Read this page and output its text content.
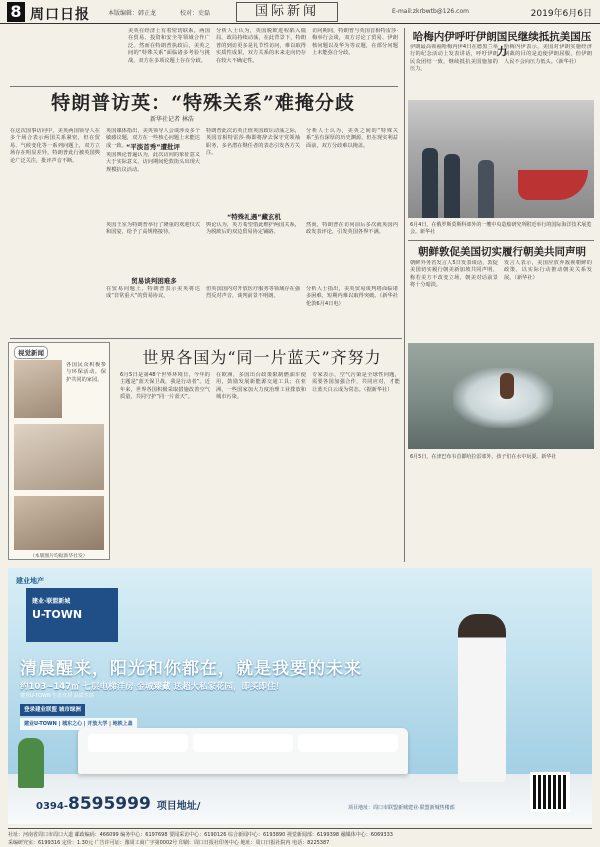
8 周口日报	本版编辑：韩正龙	校对：史磊	国际新闻	E-mail:zkrbwtb@126.com	2019年6月6日
美英在经济上有着密切联系，两国在贸易、投资和安全等领域合作广泛。然而在特朗普执政后，美英之间的“特殊关系”面临诸多考验与挑战，双方在多项议题上存在分歧。
分析人士认为，英国脱欧进程陷入僵局，政局持续动荡，在此背景下，特朗普的到访更多是礼节性访问，难以取得实质性成果，双方关系的未来走向仍存在较大不确定性。
访问期间，特朗普与英国首相特雷莎·梅举行会谈，双方讨论了贸易、伊朗核问题以及华为等议题，在部分问题上未能弥合分歧。
特朗普访英：“特殊关系”难掩分歧
新华社记者 林浩
在这次国事访问中，美英两国领导人在多个场合表示两国关系紧密，但在贸易、气候变化等一系列问题上，双方立场存在明显差异。特朗普此行被英国舆论广泛关注，批评声音不断。
英国媒体指出，美英领导人会谈涉及多个敏感议题，双方在一些核心问题上未能达成一致。 “平淡首秀”遭批评
英国舆论普遍认为，此次访问的象征意义大于实际意义，访问期间伦敦街头出现大规模抗议活动。
特朗普此次访英正值英国政坛动荡之际，英国首相特雷莎·梅即将辞去保守党领袖职务，多名潜在继任者的表态引发各方关注。
分析人士认为，美英之间的“特殊关系”虽有深厚的历史渊源，但在现实利益面前，双方分歧难以掩盖。
“特殊礼遇”藏玄机
英国王室为特朗普举行了隆重的欢迎仪式和国宴，给予了高规格接待。
舆论认为，英方希望借此维护两国关系，为脱欧后的双边贸易协定铺路。
然而，特朗普在访问前后多次就英国内政发表评论，引发英国各界不满。
贸易谈判困难多
在贸易问题上，特朗普表示美英将达成“非常重大”的贸易协议。
但英国国内对开放医疗服务等领域存在强烈反对声音，谈判前景不明朗。
分析人士指出，美英贸易谈判将面临诸多困难，短期内难以取得突破。（新华社伦敦6月4日电）
哈梅内伊呼吁伊朗国民继续抵抗美国压力
伊朗最高领袖哈梅内伊4日在德黑兰举行的纪念活动上发表讲话，呼吁伊朗民众团结一致，继续抵抗美国施加的压力。
哈梅内伊表示，美国对伊朗实施经济制裁的目的是迫使伊朗屈服，但伊朗人民不会向压力低头。（新华社）
6月4日，在俄罗斯莫斯科郊外的一艘中央造船研究所附近举行的国际海洋技术展览会。新华社
朝鲜敦促美国切实履行朝美共同声明
朝鲜外务省发言人5日发表谈话，敦促美国切实履行朝美新加坡共同声明，称若美方不改变立场，朝美对话前景将十分暗淡。
发言人表示，美国应放弃敌视朝鲜的政策，以实际行动推动朝美关系发展。（新华社）
6月5日，在津巴布韦首都哈拉雷郊外，孩子们在水中玩耍。新华社
视觉新闻
各国民众积极参与环保活动，保护共同的家园。
（本版图片均据新华社发）
世界各国为“同一片蓝天”齐努力
6月5日是第48个世界环境日，今年的主题是“蓝天保卫战，我是行动者”。近年来，世界各国积极采取措施改善空气质量，共同守护“同一片蓝天”。
在欧洲，多国出台政策限制燃油车使用，鼓励发展新能源交通工具；在亚洲，一些国家加大力度治理工业排放和城市污染。
专家表示，空气污染是全球性问题，需要各国加强合作，共同应对，才能让蓝天白云成为常态。（据新华社）
建业地产
建业·联盟新城
U-TOWN
清晨醒来，阳光和你都在，就是我要的未来
约103~147㎡ 七层电梯洋房 金城臻藏 送超大私家花园，即买即住！
建业U-TOWN 生态宜居 品质生活
登录建业联盟 城市绿洲
建业U-TOWN | 城东之心 | 开放大学 | 地铁上盖
0394-8595999 项目地址/	项目地址：周口市联盟新城建业·联盟新城售楼部
社址：河南省周口市周口大道 邮政编码：466099 编务中心：6197698 要闻采访中心：6190126 综合新闻中心：6193890 视觉新闻部：6199398 融媒体中心：6069333
采编研究室：6199316 定价：1.30元 广告许可证：豫周工商广字第0002号 印刷：周口日报社印务中心 地址：周口日报社院内 电话：8225387
